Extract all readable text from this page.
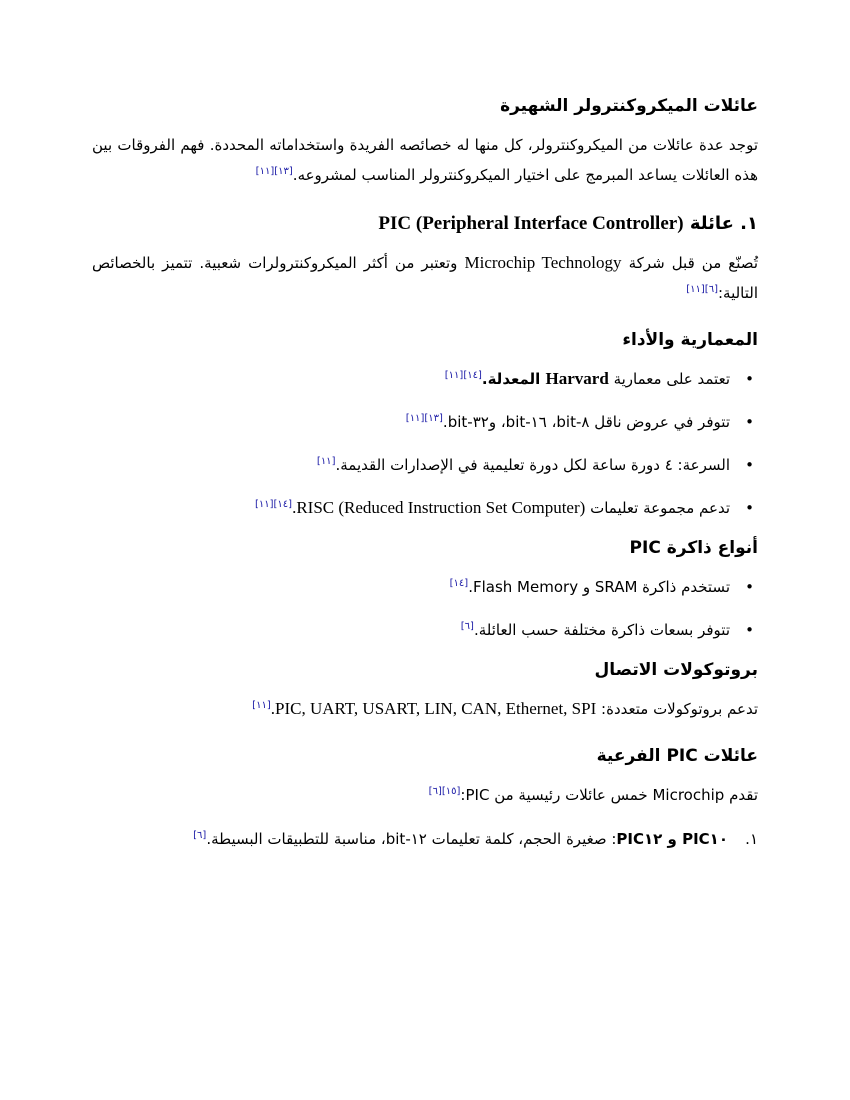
عائلات الميكروكنترولر الشهيرة

توجد عدة عائلات من الميكروكنترولر، كل منها له خصائصه الفريدة واستخداماته المحددة. فهم الفروقات بين هذه العائلات يساعد المبرمج على اختيار الميكروكنترولر المناسب لمشروعه.[١٣][١١]

١. عائلة PIC (Peripheral Interface Controller)

تُصنّع من قبل شركة Microchip Technology وتعتبر من أكثر الميكروكنترولرات شعبية. تتميز بالخصائص التالية:[٦][١١]

المعمارية والأداء
• تعتمد على معمارية Harvard المعدلة.[١٤][١١]
• تتوفر في عروض ناقل ٨-bit، ١٦-bit، و٣٢-bit.[١٣][١١]
• السرعة: ٤ دورة ساعة لكل دورة تعليمية في الإصدارات القديمة.[١١]
• تدعم مجموعة تعليمات RISC (Reduced Instruction Set Computer).[١٤][١١]
أنواع ذاكرة PIC
• تستخدم ذاكرة SRAM و Flash Memory.[١٤]
• تتوفر بسعات ذاكرة مختلفة حسب العائلة.[٦]
بروتوكولات الاتصال

تدعم بروتوكولات متعددة: PIC, UART, USART, LIN, CAN, Ethernet, SPI.[١١]

عائلات PIC الفرعية

تقدم Microchip خمس عائلات رئيسية من PIC:[١٥][٦]

١.
PIC١٠ و PIC١٢: صغيرة الحجم، كلمة تعليمات ١٢-bit، مناسبة للتطبيقات البسيطة.[٦]
